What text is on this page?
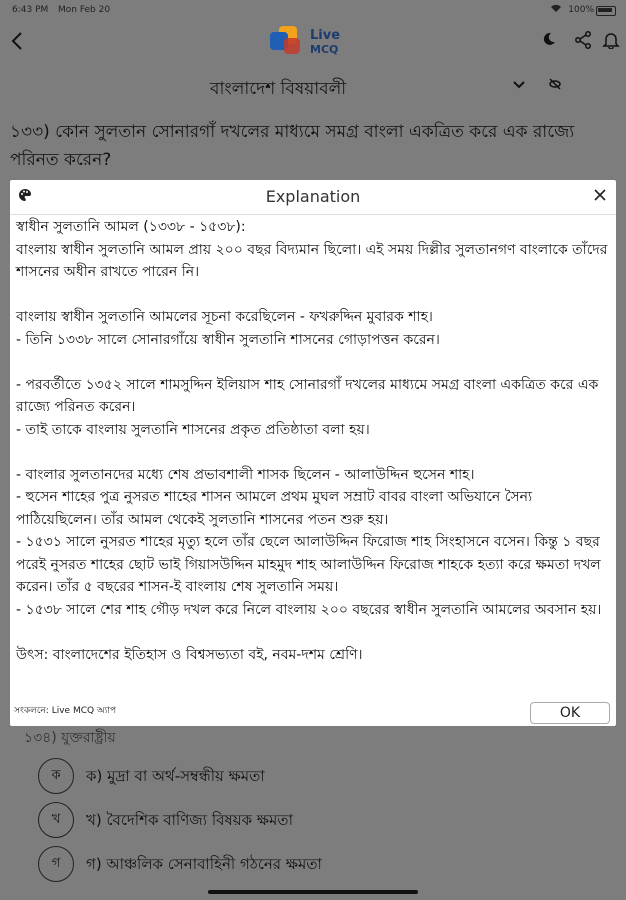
6:43 PM Mon Feb 20	100%
Live
MCQ
বাংলাদেশ বিষয়াবলী
১৩৩) কোন সুলতান সোনারগাঁ দখলের মাধ্যমে সমগ্র বাংলা একত্রিত করে এক রাজ্যে পরিনত করেন?
১৩৪) যুক্তরাষ্ট্রীয়
ক	ক) মুদ্রা বা অর্থ-সম্বন্ধীয় ক্ষমতা
খ	খ) বৈদেশিক বাণিজ্য বিষয়ক ক্ষমতা
গ	গ) আঞ্চলিক সেনাবাহিনী গঠনের ক্ষমতা
Explanation

স্বাধীন সুলতানি আমল (১৩৩৮ - ১৫৩৮):

বাংলায় স্বাধীন সুলতানি আমল প্রায় ২০০ বছর বিদ্যমান ছিলো। এই সময় দিল্লীর সুলতানগণ বাংলাকে তাঁদের শাসনের অধীন রাখতে পারেন নি।

বাংলায় স্বাধীন সুলতানি আমলের সূচনা করেছিলেন - ফখরুদ্দিন মুবারক শাহ।

- তিনি ১৩৩৮ সালে সোনারগাঁয়ে স্বাধীন সুলতানি শাসনের গোড়াপত্তন করেন।

- পরবর্তীতে ১৩৫২ সালে শামসুদ্দিন ইলিয়াস শাহ সোনারগাঁ দখলের মাধ্যমে সমগ্র বাংলা একত্রিত করে এক রাজ্যে পরিনত করেন।

- তাই তাকে বাংলায় সুলতানি শাসনের প্রকৃত প্রতিষ্ঠাতা বলা হয়।

- বাংলার সুলতানদের মধ্যে শেষ প্রভাবশালী শাসক ছিলেন - আলাউদ্দিন হুসেন শাহ।

- হুসেন শাহের পুত্র নুসরত শাহের শাসন আমলে প্রথম মুঘল সম্রাট বাবর বাংলা অভিযানে সৈন্য পাঠিয়েছিলেন। তাঁর আমল থেকেই সুলতানি শাসনের পতন শুরু হয়।

- ১৫৩১ সালে নুসরত শাহের মৃত্যু হলে তাঁর ছেলে আলাউদ্দিন ফিরোজ শাহ সিংহাসনে বসেন। কিন্তু ১ বছর পরেই নুসরত শাহের ছোট ভাই গিয়াসউদ্দিন মাহমুদ শাহ আলাউদ্দিন ফিরোজ শাহকে হত্যা করে ক্ষমতা দখল করেন। তাঁর ৫ বছরের শাসন-ই বাংলায় শেষ সুলতানি সময়।

- ১৫৩৮ সালে শের শাহ গৌড় দখল করে নিলে বাংলায় ২০০ বছরের স্বাধীন সুলতানি আমলের অবসান হয়।

উৎস: বাংলাদেশের ইতিহাস ও বিশ্বসভ্যতা বই, নবম-দশম শ্রেণি।

সংকলনে: Live MCQ অ্যাপ	OK
